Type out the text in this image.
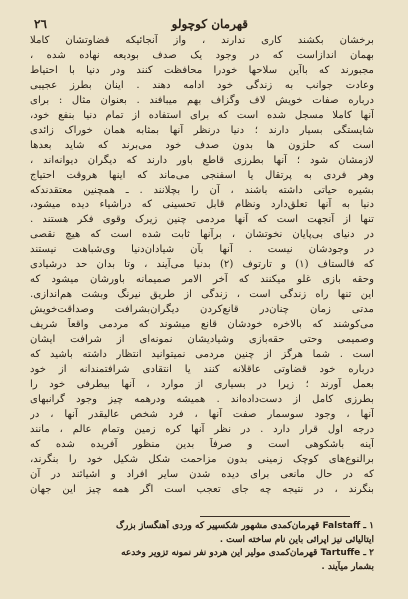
قهرمان کوچولو
٢٦
برخشان بکشند کاری ندارند ، واز آنجائیکه قضاوتشان کاملا
بهمان اندازاست که در وجود یک صدف بودیعه نهاده شده ،
مجبورند که باآین سلاحها خودرا محافظت کنند ودر دنیا با احتیاط
وعادت جوانب به زندگی خود ادامه دهند . اینان بطرز عجیبی
درباره صفات خویش لاف وگزاف بهم میبافند . بعنوان مثال : برای
آنها کاملا مسجل شده است که برای استفاده از تمام دنیا بنفع خود،
شایستگی بسیار دارند ؛ دنیا درنظر آنها بمثابه همان خوراک زائدی
است که حلزون ها بدون صدف خود می‌برند که شاید بعدها
لازمشان شود ؛ آنها بطرزی قاطع باور دارند که دیگران دیوانه‌اند ،
وهر فردی به پرتقال یا اسفنجی می‌ماند که اینها هروقت احتیاج
بشیره حیاتی داشته باشند ، آن را بچلانند . ـ همچنین معتقدندکه
دنیا به آنها تعلق‌دارد ونظام قابل تحسینی که دراشیاء دیده میشود،
تنها از آنجهت است که آنها مردمی چنین زیرک وقوی فکر هستند .
در دنیای بی‌پایان نخوتشان ، برآنها ثابت شده است که هیچ نقصی
در وجودشان نیست . آنها بآن شیادان‌دنیا وی‌شباهت نیستند
که فالستاف (١) و تارتوف (٢) بدنیا می‌آیند ، وتا بدان حد درشیادی
وحقه بازی غلو میکنند که آخر الامر صمیمانه باورشان میشود که
این تنها راه زندگی است ، زندگی از طریق نیرنگ وبشت هم‌اندازی.
مدتی زمان چنان‌در قانع‌کردن دیگران‌بشرافت وصداقت‌خویش
می‌کوشند که بالاخره خودشان قانع میشوند که مردمی واقعاً شریف
وصمیمی وحتی حقه‌بازی وشیادیشان نمونه‌ای از شرافت ایشان
است . شما هرگز از چنین مردمی نمیتوانید انتظار داشته باشید که
درباره خود قضاوتی عاقلانه کنند یا انتقادی شرافتمندانه از خود
بعمل آورند ؛ زیرا در بسیاری از موارد ، آنها بیطرفی خود را
بطرزی کامل از دست‌داده‌اند . همیشه ودرهمه چیز وجود گرانبهای
آنها ، وجود سوسمار صفت آنها ، فرد شخص عالیقدر آنها ، در
درجه اول قرار دارد . در نظر آنها کره زمین وتمام عالم ، مانند
آینه باشکوهی است و صرفاً بدین منظور آفریده شده که
برالنوع‌های کوچک زمینی بدون مزاحمت شکل شکیل خود را بنگرند،
که در حال مانعی برای دیده شدن سایر افراد و اشیائند در آن
بنگرند ، در نتیجه چه جای تعجب است اگر همه چیز این جهان
١ ـ Falstaff قهرمان‌کمدی مشهور شکسپیر که وردی آهنگساز بزرگ
ایتالیائی نیز اپرائی باین نام ساخته است .
٢ ـ Tartuffe قهرمان‌کمدی مولیر این هردو نفر نمونه تزویر وخدعه
بشمار میآیند .
